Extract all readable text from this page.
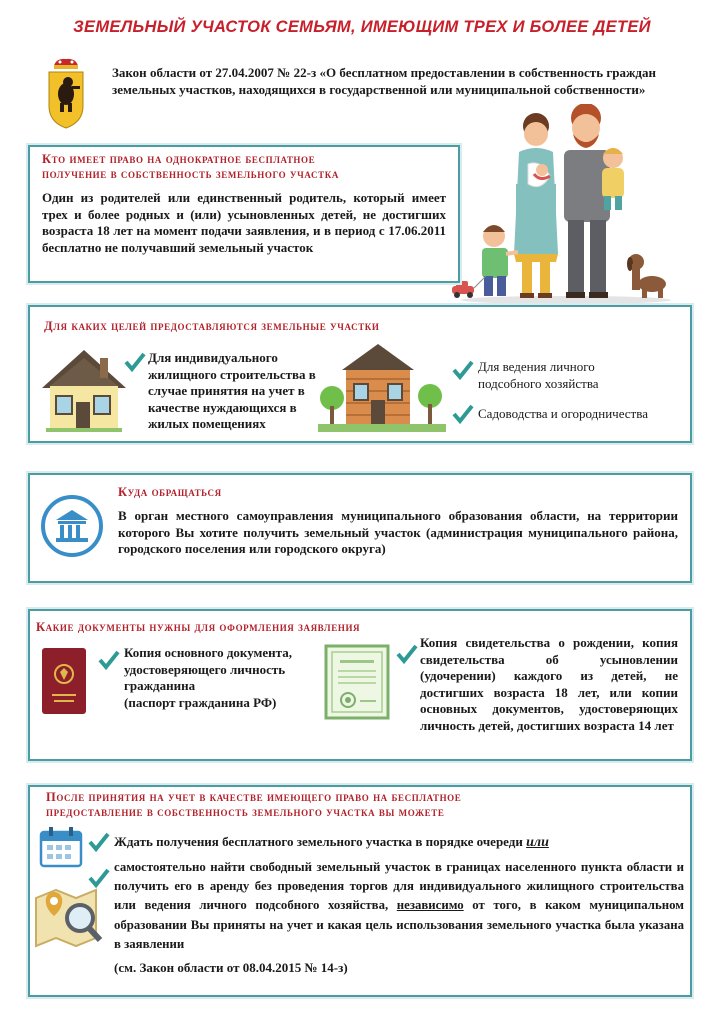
ЗЕМЕЛЬНЫЙ УЧАСТОК СЕМЬЯМ, ИМЕЮЩИМ ТРЕХ И БОЛЕЕ ДЕТЕЙ
Закон области от 27.04.2007 № 22-з «О бесплатном предоставлении в собственность граждан земельных участков, находящихся в государственной или муниципальной собственности»
Кто имеет право на однократное бесплатное
получение в собственность земельного участка
Один из родителей или единственный родитель, который имеет трех и более родных и (или) усыновленных детей, не достигших возраста 18 лет на момент подачи заявления, и в период с 17.06.2011 бесплатно не получавший земельный участок
Для каких целей предоставляются земельные участки
Для индивидуального жилищного строительства в случае принятия на учет в качестве нуждающихся в жилых помещениях
Для ведения личного подсобного хозяйства
Садоводства и огородничества
Куда обращаться
В орган местного самоуправления муниципального образования области, на территории которого Вы хотите получить земельный участок (администрация муниципального района, городского поселения или городского округа)
Какие документы нужны для оформления заявления
Копия основного документа, удостоверяющего личность гражданина
(паспорт гражданина РФ)
Копия свидетельства о рождении, копия свидетельства об усыновлении (удочерении) каждого из детей, не достигших возраста 18 лет, или копии основных документов, удостоверяющих личность детей, достигших возраста 14 лет
После принятия на учет в качестве имеющего право на бесплатное
предоставление в собственность земельного участка вы можете
Ждать получения бесплатного земельного участка в порядке очереди или
самостоятельно найти свободный земельный участок в границах населенного пункта области и получить его в аренду без проведения торгов для индивидуального жилищного строительства или ведения личного подсобного хозяйства, независимо от того, в каком муниципальном образовании Вы приняты на учет и какая цель использования земельного участка была указана в заявлении
(см. Закон области от 08.04.2015 № 14-з)
